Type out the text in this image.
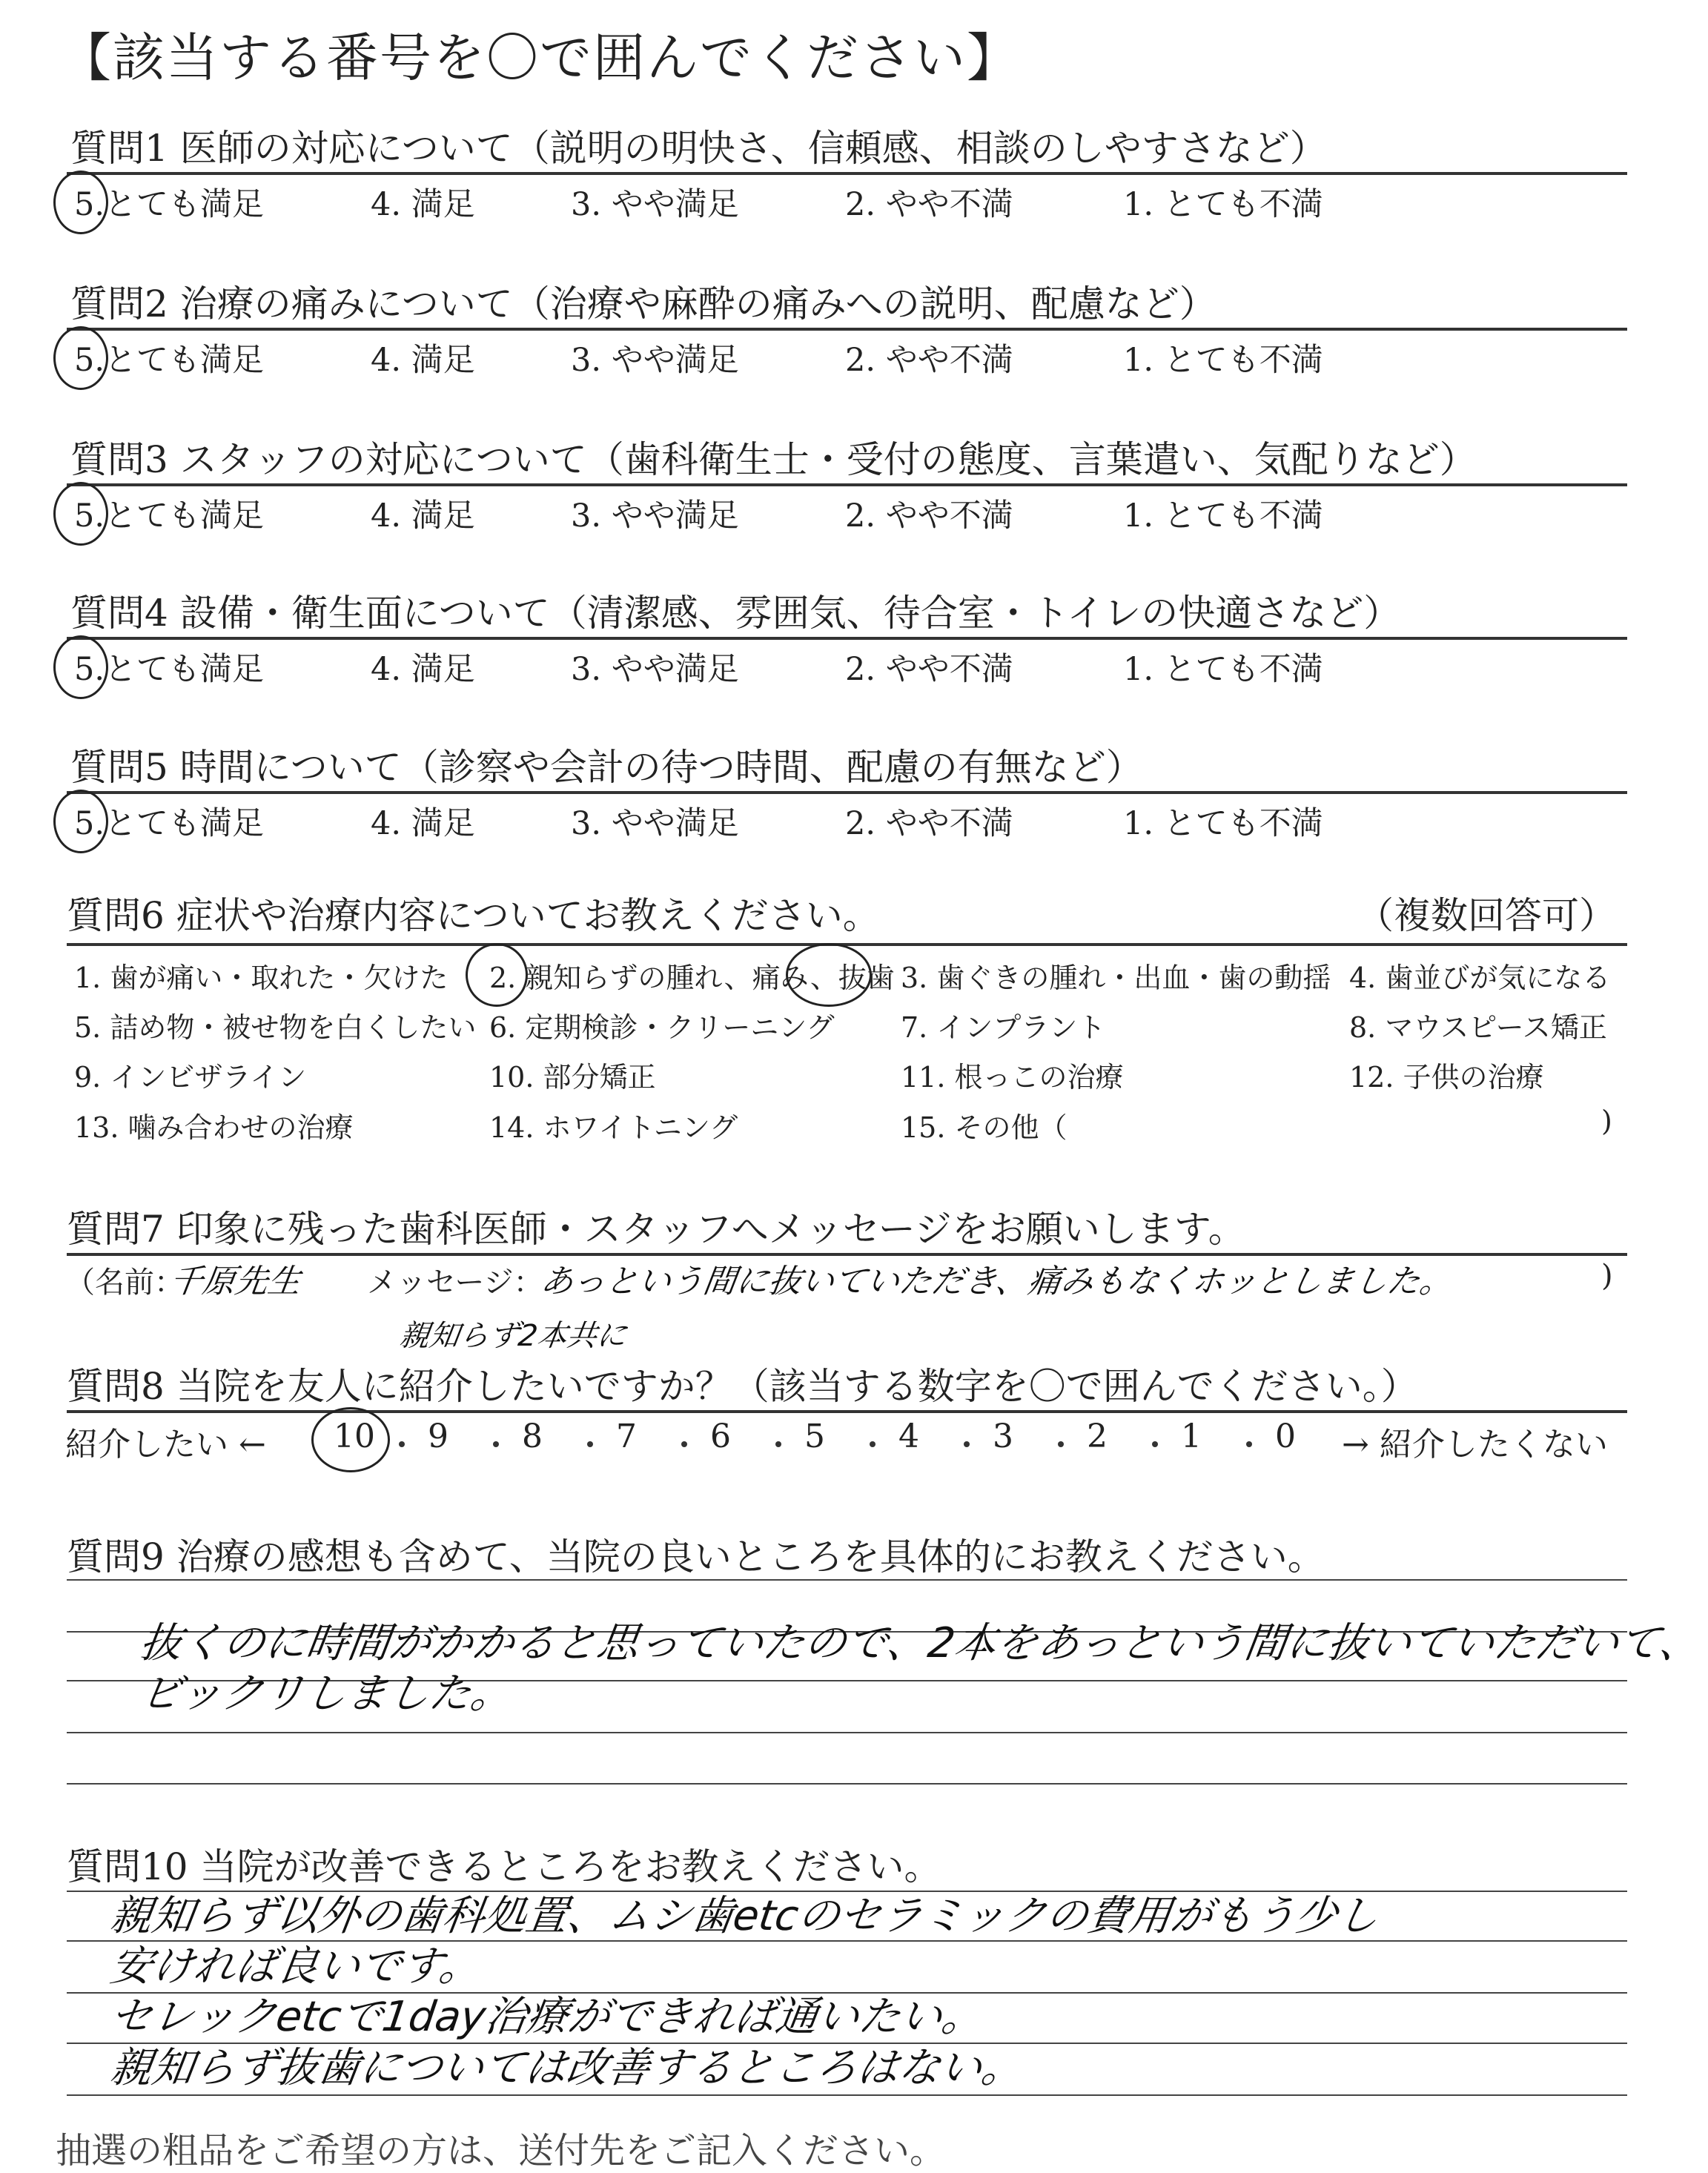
【該当する番号を〇で囲んでください】
質問1 医師の対応について（説明の明快さ、信頼感、相談のしやすさなど）
5.とても満足	4. 満足	3. やや満足	2. やや不満	1. とても不満
質問2 治療の痛みについて（治療や麻酔の痛みへの説明、配慮など）
5.とても満足	4. 満足	3. やや満足	2. やや不満	1. とても不満
質問3 スタッフの対応について（歯科衛生士・受付の態度、言葉遣い、気配りなど）
5.とても満足	4. 満足	3. やや満足	2. やや不満	1. とても不満
質問4 設備・衛生面について（清潔感、雰囲気、待合室・トイレの快適さなど）
5.とても満足	4. 満足	3. やや満足	2. やや不満	1. とても不満
質問5 時間について（診察や会計の待つ時間、配慮の有無など）
5.とても満足	4. 満足	3. やや満足	2. やや不満	1. とても不満
質問6 症状や治療内容についてお教えください。	（複数回答可）
1. 歯が痛い・取れた・欠けた 2. 親知らずの腫れ、痛み、抜歯 3. 歯ぐきの腫れ・出血・歯の動揺 4. 歯並びが気になる
5. 詰め物・被せ物を白くしたい 6. 定期検診・クリーニング 7. インプラント	8. マウスピース矯正
9. インビザライン	10. 部分矯正	11. 根っこの治療	12. 子供の治療
13. 噛み合わせの治療	14. ホワイトニング	15. その他（	)
質問7 印象に残った歯科医師・スタッフへメッセージをお願いします。
（名前：
千原先生 メッセージ：
あっという間に抜いていただき、痛みもなくホッとしました。
親知らず2本共に
)
質問8 当院を友人に紹介したいですか？（該当する数字を〇で囲んでください。）
紹介したい ← 10 9 8 7 6 5 4 3 2 1 0 → 紹介したくない
質問9 治療の感想も含めて、当院の良いところを具体的にお教えください。
抜くのに時間がかかると思っていたので、2本をあっという間に抜いていただいて、
ビックリしました。
質問10 当院が改善できるところをお教えください。
親知らず以外の歯科処置、ムシ歯etcのセラミックの費用がもう少し
安ければ良いです。
セレックetcで1day治療ができれば通いたい。
親知らず抜歯については改善するところはない。
抽選の粗品をご希望の方は、送付先をご記入ください。
